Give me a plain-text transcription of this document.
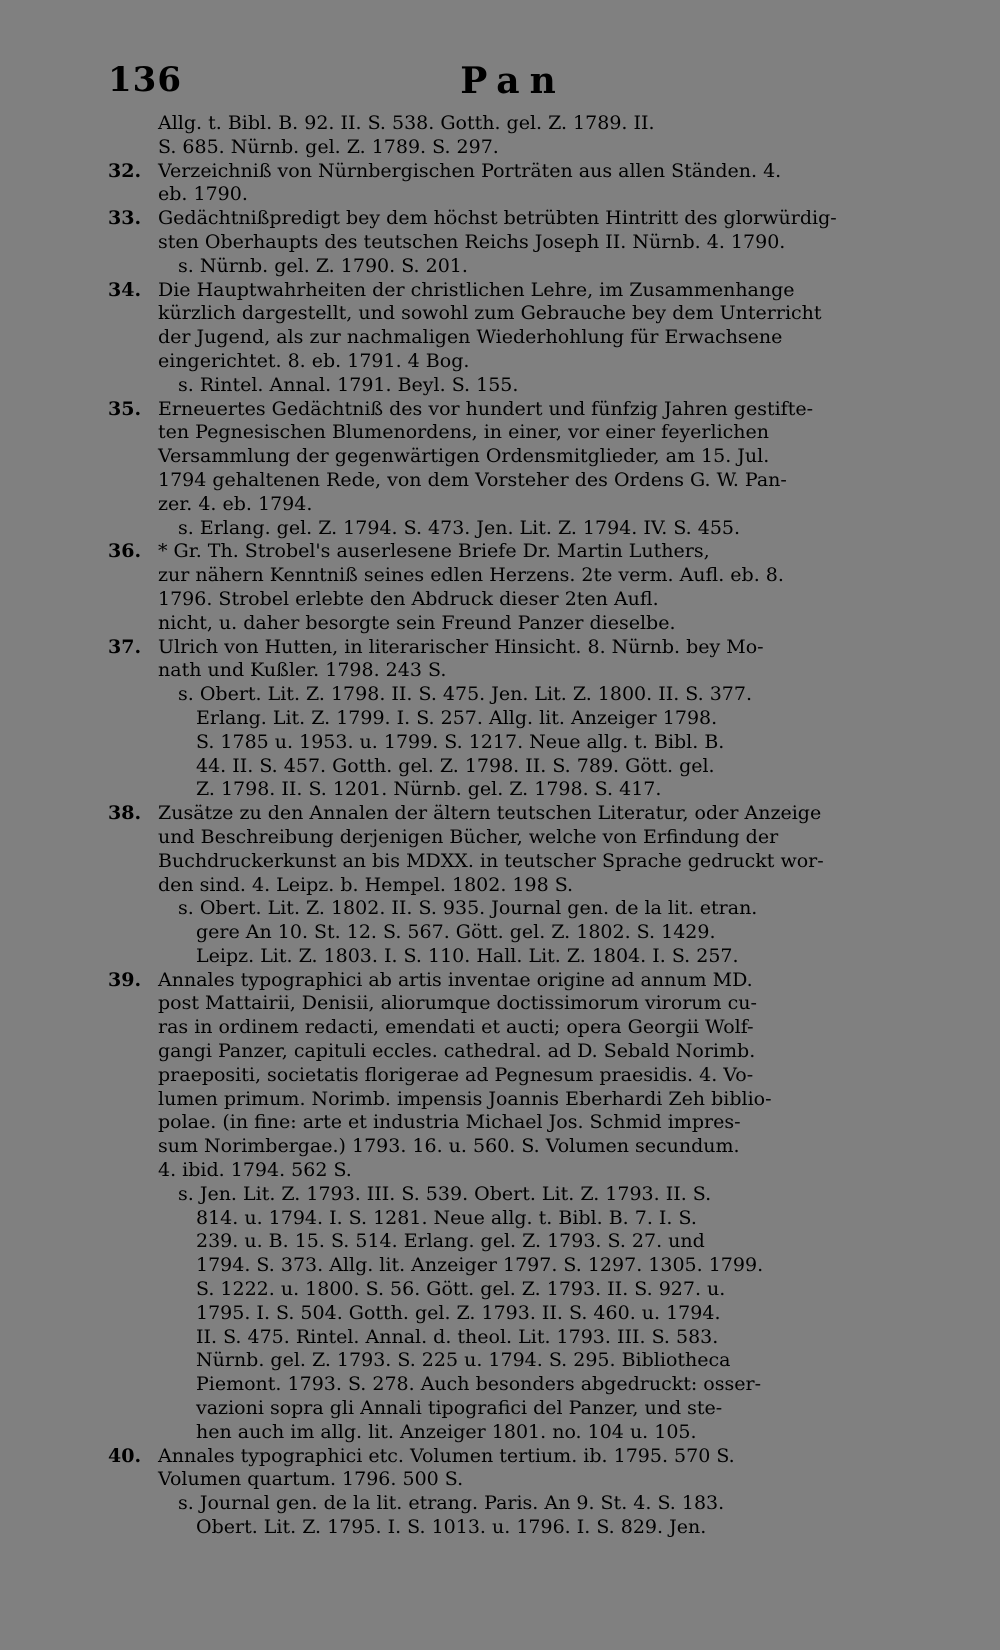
136	Pan
Allg. t. Bibl. B. 92. II. S. 538. Gotth. gel. Z. 1789. II.
S. 685. Nürnb. gel. Z. 1789. S. 297.
32. Verzeichniß von Nürnbergischen Porträten aus allen Ständen. 4.
eb. 1790.
33. Gedächtnißpredigt bey dem höchst betrübten Hintritt des glorwürdig-
sten Oberhaupts des teutschen Reichs Joseph II. Nürnb. 4. 1790.
s. Nürnb. gel. Z. 1790. S. 201.
34. Die Hauptwahrheiten der christlichen Lehre, im Zusammenhange
kürzlich dargestellt, und sowohl zum Gebrauche bey dem Unterricht
der Jugend, als zur nachmaligen Wiederhohlung für Erwachsene
eingerichtet. 8. eb. 1791. 4 Bog.
s. Rintel. Annal. 1791. Beyl. S. 155.
35. Erneuertes Gedächtniß des vor hundert und fünfzig Jahren gestifte-
ten Pegnesischen Blumenordens, in einer, vor einer feyerlichen
Versammlung der gegenwärtigen Ordensmitglieder, am 15. Jul.
1794 gehaltenen Rede, von dem Vorsteher des Ordens G. W. Pan-
zer. 4. eb. 1794.
s. Erlang. gel. Z. 1794. S. 473. Jen. Lit. Z. 1794. IV. S. 455.
36. * Gr. Th. Strobel's auserlesene Briefe Dr. Martin Luthers,
zur nähern Kenntniß seines edlen Herzens. 2te verm. Aufl. eb. 8.
1796. Strobel erlebte den Abdruck dieser 2ten Aufl.
nicht, u. daher besorgte sein Freund Panzer dieselbe.
37. Ulrich von Hutten, in literarischer Hinsicht. 8. Nürnb. bey Mo-
nath und Kußler. 1798. 243 S.
s. Obert. Lit. Z. 1798. II. S. 475. Jen. Lit. Z. 1800. II. S. 377.
Erlang. Lit. Z. 1799. I. S. 257. Allg. lit. Anzeiger 1798.
S. 1785 u. 1953. u. 1799. S. 1217. Neue allg. t. Bibl. B.
44. II. S. 457. Gotth. gel. Z. 1798. II. S. 789. Gött. gel.
Z. 1798. II. S. 1201. Nürnb. gel. Z. 1798. S. 417.
38. Zusätze zu den Annalen der ältern teutschen Literatur, oder Anzeige
und Beschreibung derjenigen Bücher, welche von Erfindung der
Buchdruckerkunst an bis MDXX. in teutscher Sprache gedruckt wor-
den sind. 4. Leipz. b. Hempel. 1802. 198 S.
s. Obert. Lit. Z. 1802. II. S. 935. Journal gen. de la lit. etran.
gere An 10. St. 12. S. 567. Gött. gel. Z. 1802. S. 1429.
Leipz. Lit. Z. 1803. I. S. 110. Hall. Lit. Z. 1804. I. S. 257.
39. Annales typographici ab artis inventae origine ad annum MD.
post Mattairii, Denisii, aliorumque doctissimorum virorum cu-
ras in ordinem redacti, emendati et aucti; opera Georgii Wolf-
gangi Panzer, capituli eccles. cathedral. ad D. Sebald Norimb.
praepositi, societatis florigerae ad Pegnesum praesidis. 4. Vo-
lumen primum. Norimb. impensis Joannis Eberhardi Zeh biblio-
polae. (in fine: arte et industria Michael Jos. Schmid impres-
sum Norimbergae.) 1793. 16. u. 560. S. Volumen secundum.
4. ibid. 1794. 562 S.
s. Jen. Lit. Z. 1793. III. S. 539. Obert. Lit. Z. 1793. II. S.
814. u. 1794. I. S. 1281. Neue allg. t. Bibl. B. 7. I. S.
239. u. B. 15. S. 514. Erlang. gel. Z. 1793. S. 27. und
1794. S. 373. Allg. lit. Anzeiger 1797. S. 1297. 1305. 1799.
S. 1222. u. 1800. S. 56. Gött. gel. Z. 1793. II. S. 927. u.
1795. I. S. 504. Gotth. gel. Z. 1793. II. S. 460. u. 1794.
II. S. 475. Rintel. Annal. d. theol. Lit. 1793. III. S. 583.
Nürnb. gel. Z. 1793. S. 225 u. 1794. S. 295. Bibliotheca
Piemont. 1793. S. 278. Auch besonders abgedruckt: osser-
vazioni sopra gli Annali tipografici del Panzer, und ste-
hen auch im allg. lit. Anzeiger 1801. no. 104 u. 105.
40. Annales typographici etc. Volumen tertium. ib. 1795. 570 S.
Volumen quartum. 1796. 500 S.
s. Journal gen. de la lit. etrang. Paris. An 9. St. 4. S. 183.
Obert. Lit. Z. 1795. I. S. 1013. u. 1796. I. S. 829. Jen.
